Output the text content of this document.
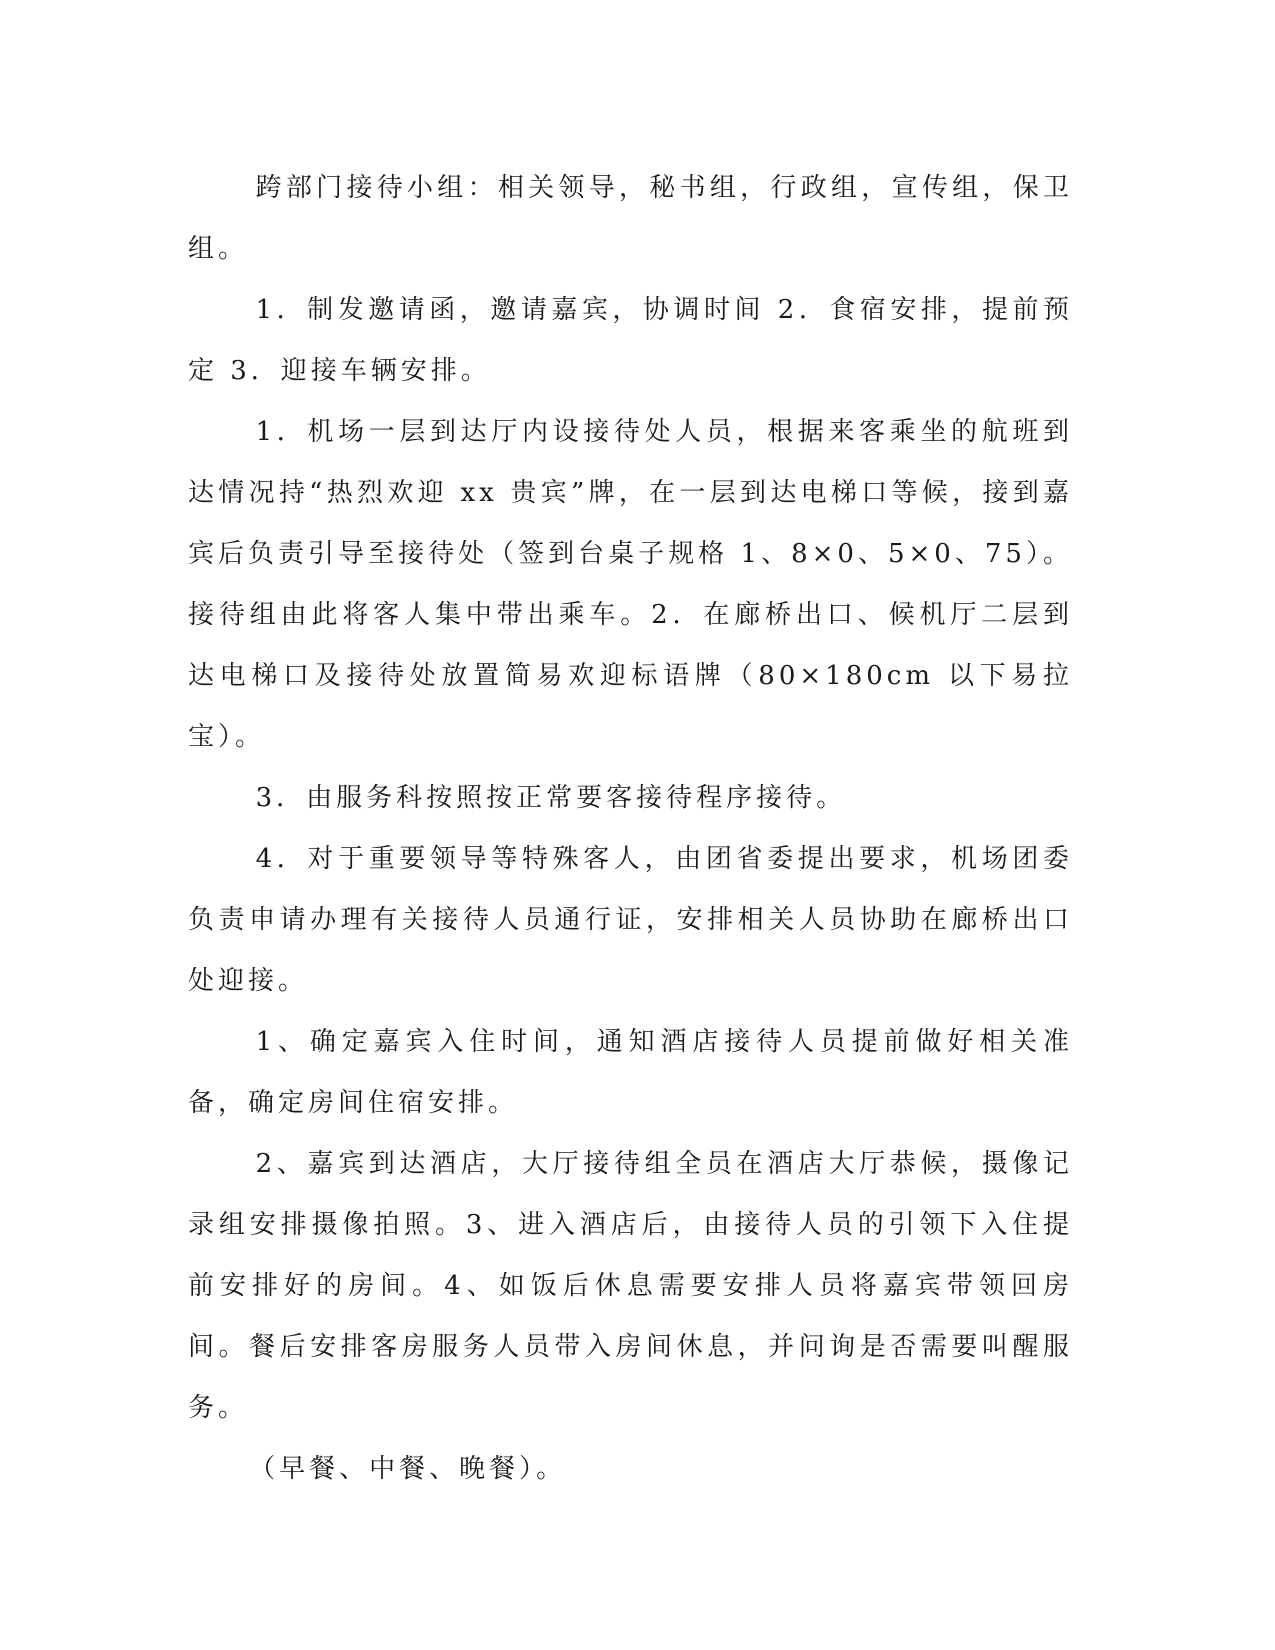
跨部门接待小组：相关领导，秘书组，行政组，宣传组，保卫组。

1．制发邀请函，邀请嘉宾，协调时间 2．食宿安排，提前预定 3．迎接车辆安排。

1．机场一层到达厅内设接待处人员，根据来客乘坐的航班到达情况持“热烈欢迎 xx 贵宾”牌，在一层到达电梯口等候，接到嘉宾后负责引导至接待处（签到台桌子规格 1、8×0、5×0、75）。接待组由此将客人集中带出乘车。2．在廊桥出口、候机厅二层到达电梯口及接待处放置简易欢迎标语牌（80×180cm 以下易拉宝）。

3．由服务科按照按正常要客接待程序接待。

4．对于重要领导等特殊客人，由团省委提出要求，机场团委负责申请办理有关接待人员通行证，安排相关人员协助在廊桥出口处迎接。

1、确定嘉宾入住时间，通知酒店接待人员提前做好相关准备，确定房间住宿安排。

2、嘉宾到达酒店，大厅接待组全员在酒店大厅恭候，摄像记录组安排摄像拍照。3、进入酒店后，由接待人员的引领下入住提前安排好的房间。4、如饭后休息需要安排人员将嘉宾带领回房间。餐后安排客房服务人员带入房间休息，并问询是否需要叫醒服务。

（早餐、中餐、晚餐）。
